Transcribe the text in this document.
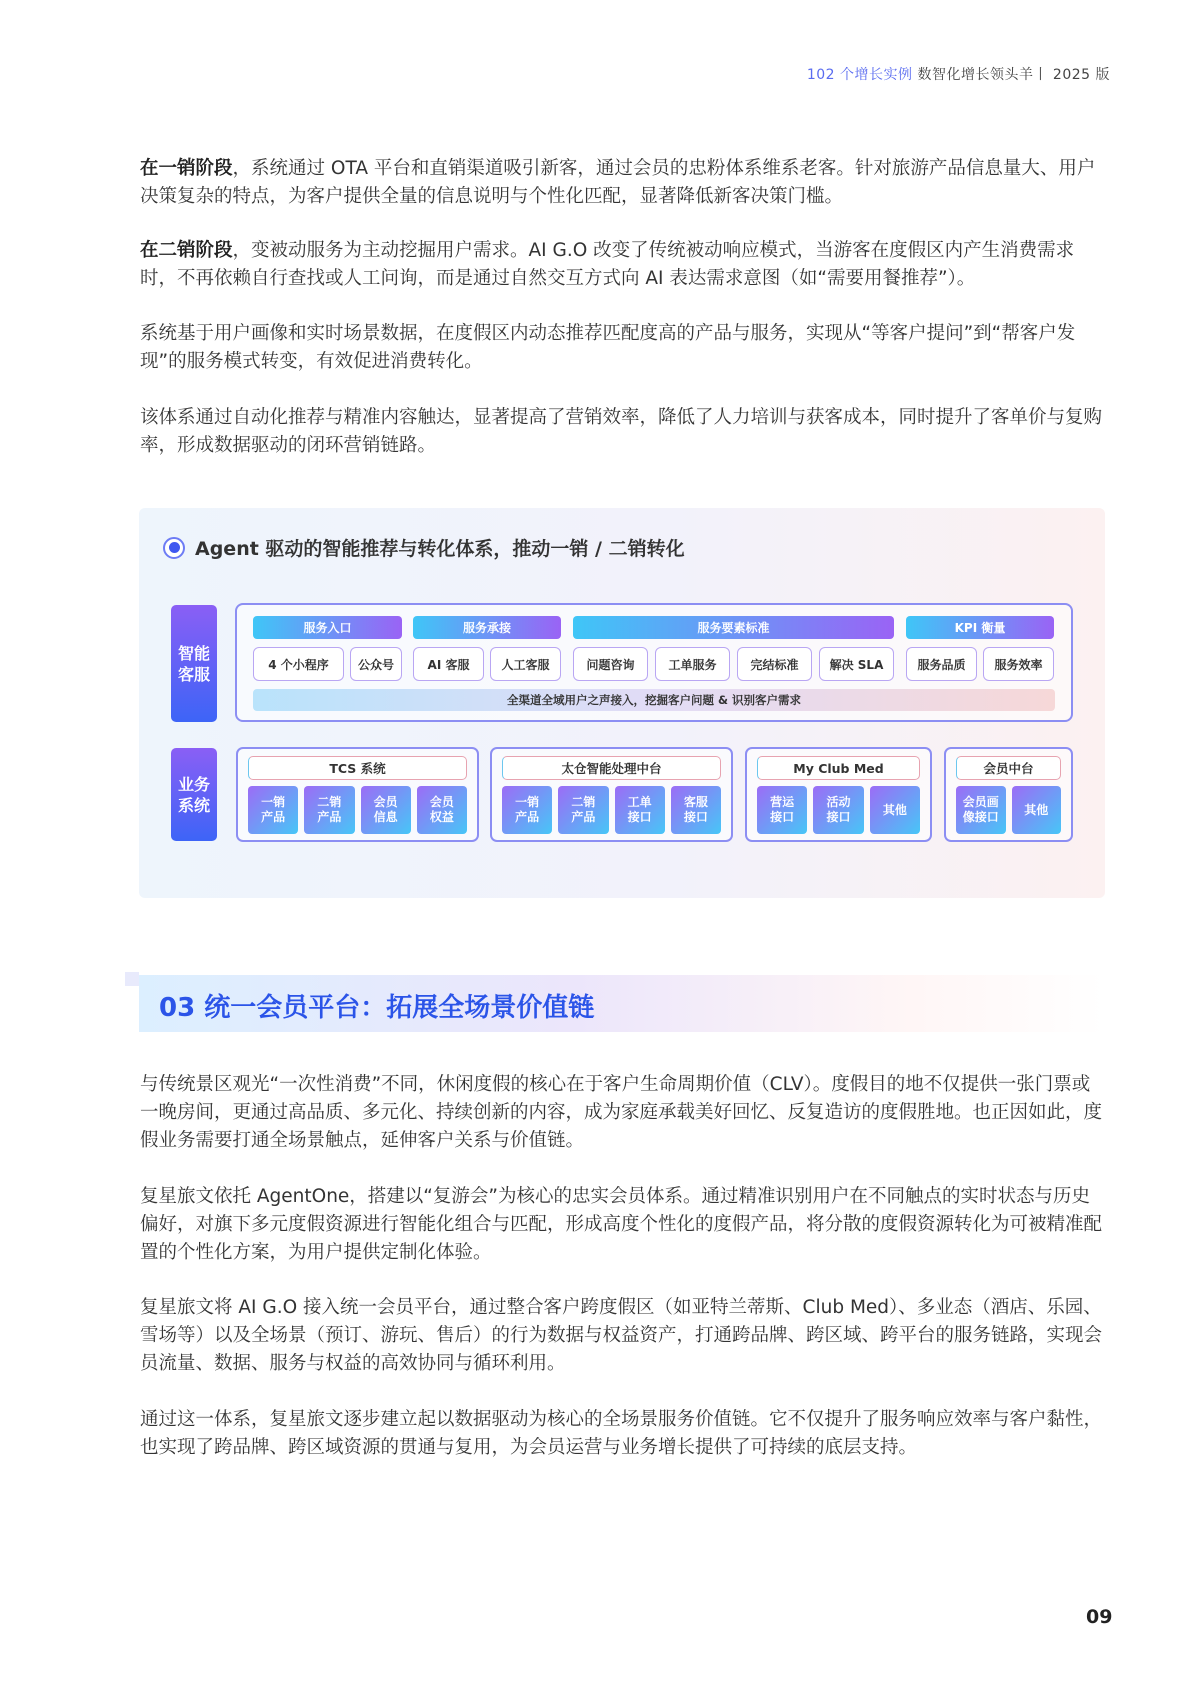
102 个增长实例 数智化增长领头羊丨 2025 版
在一销阶段，系统通过 OTA 平台和直销渠道吸引新客，通过会员的忠粉体系维系老客。针对旅游产品信息量大、用户决策复杂的特点，为客户提供全量的信息说明与个性化匹配，显著降低新客决策门槛。
在二销阶段，变被动服务为主动挖掘用户需求。AI G.O 改变了传统被动响应模式，当游客在度假区内产生消费需求时，不再依赖自行查找或人工问询，而是通过自然交互方式向 AI 表达需求意图（如“需要用餐推荐”）。
系统基于用户画像和实时场景数据，在度假区内动态推荐匹配度高的产品与服务，实现从“等客户提问”到“帮客户发现”的服务模式转变，有效促进消费转化。
该体系通过自动化推荐与精准内容触达，显著提高了营销效率，降低了人力培训与获客成本，同时提升了客单价与复购率，形成数据驱动的闭环营销链路。
Agent 驱动的智能推荐与转化体系，推动一销 / 二销转化
智能客服
服务入口	服务承接	服务要素标准	KPI 衡量
4 个小程序	公众号	AI 客服	人工客服	问题咨询	工单服务	完结标准	解决 SLA	服务品质	服务效率
全渠道全域用户之声接入，挖掘客户问题 & 识别客户需求
业务系统
TCS 系统
一销
产品
二销
产品
会员
信息
会员
权益
太仓智能处理中台
一销
产品
二销
产品
工单
接口
客服
接口
My Club Med
营运
接口
活动
接口
其他
会员中台
会员画
像接口
其他
03 统一会员平台：拓展全场景价值链
与传统景区观光“一次性消费”不同，休闲度假的核心在于客户生命周期价值（CLV）。度假目的地不仅提供一张门票或一晚房间，更通过高品质、多元化、持续创新的内容，成为家庭承载美好回忆、反复造访的度假胜地。也正因如此，度假业务需要打通全场景触点，延伸客户关系与价值链。
复星旅文依托 AgentOne，搭建以“复游会”为核心的忠实会员体系。通过精准识别用户在不同触点的实时状态与历史偏好，对旗下多元度假资源进行智能化组合与匹配，形成高度个性化的度假产品，将分散的度假资源转化为可被精准配置的个性化方案，为用户提供定制化体验。
复星旅文将 AI G.O 接入统一会员平台，通过整合客户跨度假区（如亚特兰蒂斯、Club Med）、多业态（酒店、乐园、雪场等）以及全场景（预订、游玩、售后）的行为数据与权益资产，打通跨品牌、跨区域、跨平台的服务链路，实现会员流量、数据、服务与权益的高效协同与循环利用。
通过这一体系，复星旅文逐步建立起以数据驱动为核心的全场景服务价值链。它不仅提升了服务响应效率与客户黏性，也实现了跨品牌、跨区域资源的贯通与复用，为会员运营与业务增长提供了可持续的底层支持。
09
